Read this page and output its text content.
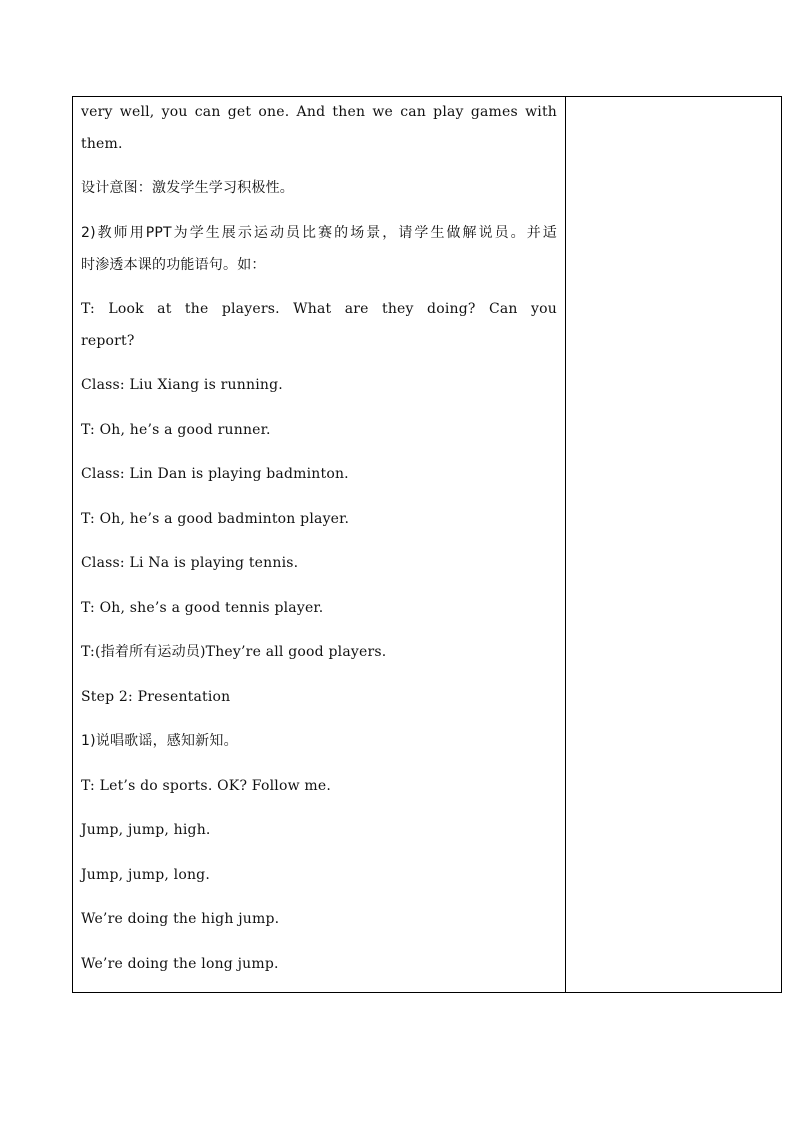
very well, you can get one. And then we can play games with

them.

设计意图：激发学生学习积极性。

2)教师用PPT为学生展示运动员比赛的场景，请学生做解说员。并适

时渗透本课的功能语句。如：

T: Look at the players. What are they doing? Can you

report?

Class: Liu Xiang is running.

T: Oh, he’s a good runner.

Class: Lin Dan is playing badminton.

T: Oh, he’s a good badminton player.

Class: Li Na is playing tennis.

T: Oh, she’s a good tennis player.

T:(指着所有运动员)They’re all good players.

Step 2: Presentation

1)说唱歌谣，感知新知。

T: Let’s do sports. OK? Follow me.

Jump, jump, high.

Jump, jump, long.

We’re doing the high jump.

We’re doing the long jump.
